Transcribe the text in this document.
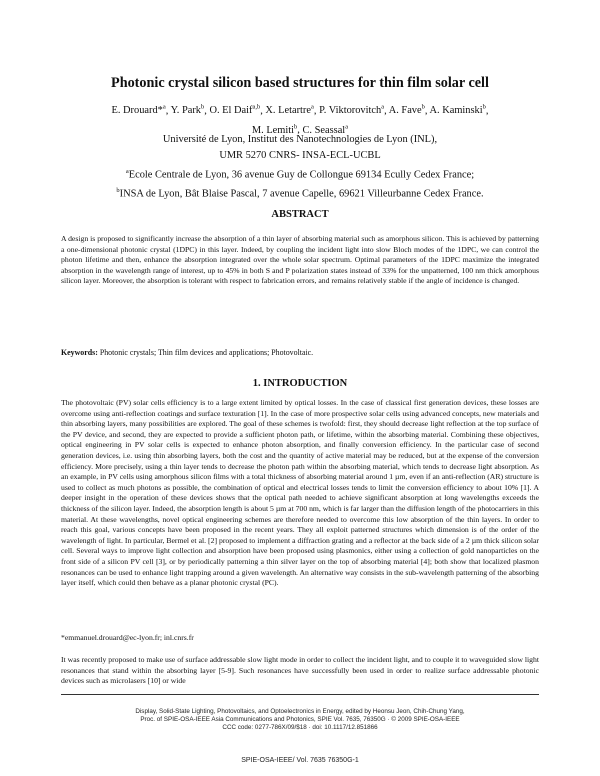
Photonic crystal silicon based structures for thin film solar cell
E. Drouard*$^a$, Y. Park$^b$, O. El Daif$^{a,b}$, X. Letartre$^a$, P. Viktorovitch$^a$, A. Fave$^b$, A. Kaminski$^b$,
M. Lemiti$^b$, C. Seassal$^a$
Université de Lyon, Institut des Nanotechnologies de Lyon (INL),
UMR 5270 CNRS- INSA-ECL-UCBL
$^a$Ecole Centrale de Lyon, 36 avenue Guy de Collongue 69134 Ecully Cedex France;
$^b$INSA de Lyon, Bât Blaise Pascal, 7 avenue Capelle, 69621 Villeurbanne Cedex France.
ABSTRACT

A design is proposed to significantly increase the absorption of a thin layer of absorbing material such as amorphous silicon. This is achieved by patterning a one-dimensional photonic crystal (1DPC) in this layer. Indeed, by coupling the incident light into slow Bloch modes of the 1DPC, we can control the photon lifetime and then, enhance the absorption integrated over the whole solar spectrum. Optimal parameters of the 1DPC maximize the integrated absorption in the wavelength range of interest, up to 45% in both S and P polarization states instead of 33% for the unpatterned, 100 nm thick amorphous silicon layer. Moreover, the absorption is tolerant with respect to fabrication errors, and remains relatively stable if the angle of incidence is changed.

Keywords: Photonic crystals; Thin film devices and applications; Photovoltaic.
1. INTRODUCTION

The photovoltaic (PV) solar cells efficiency is to a large extent limited by optical losses. In the case of classical first generation devices, these losses are overcome using anti-reflection coatings and surface texturation [1]. In the case of more prospective solar cells using advanced concepts, new materials and thin absorbing layers, many possibilities are explored. The goal of these schemes is twofold: first, they should decrease light reflection at the top surface of the PV device, and second, they are expected to provide a sufficient photon path, or lifetime, within the absorbing material. Combining these objectives, optical engineering in PV solar cells is expected to enhance photon absorption, and finally conversion efficiency. In the particular case of second generation devices, i.e. using thin absorbing layers, both the cost and the quantity of active material may be reduced, but at the expense of the conversion efficiency. More precisely, using a thin layer tends to decrease the photon path within the absorbing material, which tends to decrease light absorption. As an example, in PV cells using amorphous silicon films with a total thickness of absorbing material around 1 µm, even if an anti-reflection (AR) structure is used to collect as much photons as possible, the combination of optical and electrical losses tends to limit the conversion efficiency to about 10% [1]. A deeper insight in the operation of these devices shows that the optical path needed to achieve significant absorption at long wavelengths exceeds the thickness of the silicon layer. Indeed, the absorption length is about 5 µm at 700 nm, which is far larger than the diffusion length of the photocarriers in this material. At these wavelengths, novel optical engineering schemes are therefore needed to overcome this low absorption of the thin layers. In order to reach this goal, various concepts have been proposed in the recent years. They all exploit patterned structures which dimension is of the order of the wavelength of light. In particular, Bermel et al. [2] proposed to implement a diffraction grating and a reflector at the back side of a 2 µm thick silicon solar cell. Several ways to improve light collection and absorption have been proposed using plasmonics, either using a collection of gold nanoparticles on the front side of a silicon PV cell [3], or by periodically patterning a thin silver layer on the top of absorbing material [4]; both show that localized plasmon resonances can be used to enhance light trapping around a given wavelength. An alternative way consists in the sub-wavelength patterning of the absorbing layer itself, which could then behave as a planar photonic crystal (PC).

*emmanuel.drouard@ec-lyon.fr; inl.cnrs.fr

It was recently proposed to make use of surface addressable slow light mode in order to collect the incident light, and to couple it to waveguided slow light resonances that stand within the absorbing layer [5-9]. Such resonances have successfully been used in order to realize surface addressable photonic devices such as microlasers [10] or wide

Display, Solid-State Lighting, Photovoltaics, and Optoelectronics in Energy, edited by Heonsu Jeon, Chih-Chung Yang,
Proc. of SPIE-OSA-IEEE Asia Communications and Photonics, SPIE Vol. 7635, 76350G · © 2009 SPIE-OSA-IEEE
CCC code: 0277-786X/09/$18 · doi: 10.1117/12.851866
SPIE-OSA-IEEE/ Vol. 7635 76350G-1
